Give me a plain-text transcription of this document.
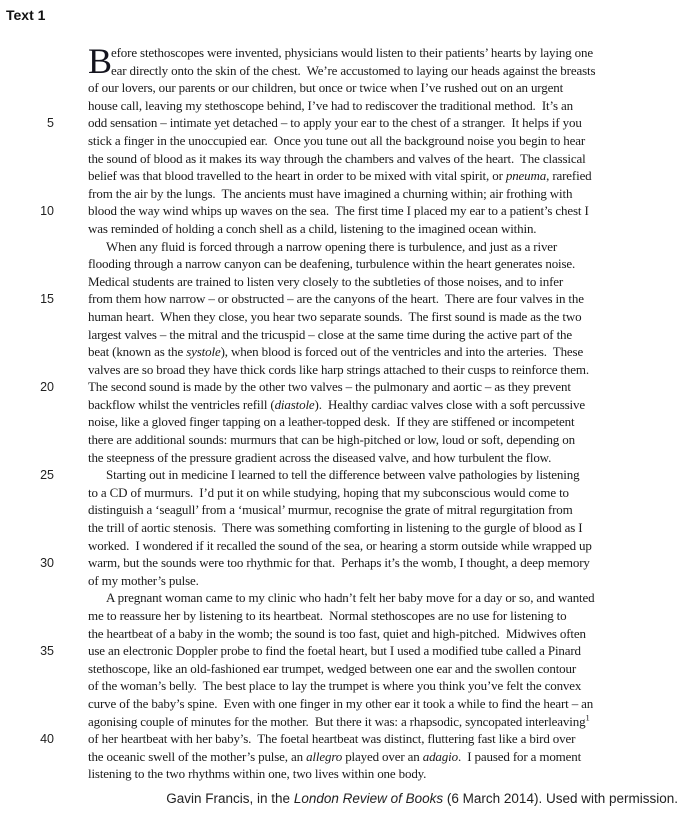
Text 1
B
efore stethoscopes were invented, physicians would listen to their patients’ hearts by laying one
ear directly onto the skin of the chest.  We’re accustomed to laying our heads against the breasts
of our lovers, our parents or our children, but once or twice when I’ve rushed out on an urgent
house call, leaving my stethoscope behind, I’ve had to rediscover the traditional method.  It’s an
5	odd sensation – intimate yet detached – to apply your ear to the chest of a stranger.  It helps if you
stick a finger in the unoccupied ear.  Once you tune out all the background noise you begin to hear
the sound of blood as it makes its way through the chambers and valves of the heart.  The classical
belief was that blood travelled to the heart in order to be mixed with vital spirit, or pneuma, rarefied
from the air by the lungs.  The ancients must have imagined a churning within; air frothing with
10	blood the way wind whips up waves on the sea.  The first time I placed my ear to a patient’s chest I
was reminded of holding a conch shell as a child, listening to the imagined ocean within.
When any fluid is forced through a narrow opening there is turbulence, and just as a river
flooding through a narrow canyon can be deafening, turbulence within the heart generates noise.
Medical students are trained to listen very closely to the subtleties of those noises, and to infer
15	from them how narrow – or obstructed – are the canyons of the heart.  There are four valves in the
human heart.  When they close, you hear two separate sounds.  The first sound is made as the two
largest valves – the mitral and the tricuspid – close at the same time during the active part of the
beat (known as the systole), when blood is forced out of the ventricles and into the arteries.  These
valves are so broad they have thick cords like harp strings attached to their cusps to reinforce them.
20	The second sound is made by the other two valves – the pulmonary and aortic – as they prevent
backflow whilst the ventricles refill (diastole).  Healthy cardiac valves close with a soft percussive
noise, like a gloved finger tapping on a leather-topped desk.  If they are stiffened or incompetent
there are additional sounds: murmurs that can be high-pitched or low, loud or soft, depending on
the steepness of the pressure gradient across the diseased valve, and how turbulent the flow.
25	Starting out in medicine I learned to tell the difference between valve pathologies by listening
to a CD of murmurs.  I’d put it on while studying, hoping that my subconscious would come to
distinguish a ‘seagull’ from a ‘musical’ murmur, recognise the grate of mitral regurgitation from
the trill of aortic stenosis.  There was something comforting in listening to the gurgle of blood as I
worked.  I wondered if it recalled the sound of the sea, or hearing a storm outside while wrapped up
30	warm, but the sounds were too rhythmic for that.  Perhaps it’s the womb, I thought, a deep memory
of my mother’s pulse.
A pregnant woman came to my clinic who hadn’t felt her baby move for a day or so, and wanted
me to reassure her by listening to its heartbeat.  Normal stethoscopes are no use for listening to
the heartbeat of a baby in the womb; the sound is too fast, quiet and high-pitched.  Midwives often
35	use an electronic Doppler probe to find the foetal heart, but I used a modified tube called a Pinard
stethoscope, like an old-fashioned ear trumpet, wedged between one ear and the swollen contour
of the woman’s belly.  The best place to lay the trumpet is where you think you’ve felt the convex
curve of the baby’s spine.  Even with one finger in my other ear it took a while to find the heart – an
agonising couple of minutes for the mother.  But there it was: a rhapsodic, syncopated interleaving$^1$
40	of her heartbeat with her baby’s.  The foetal heartbeat was distinct, fluttering fast like a bird over
the oceanic swell of the mother’s pulse, an allegro played over an adagio.  I paused for a moment
listening to the two rhythms within one, two lives within one body.
Gavin Francis, in the London Review of Books (6 March 2014). Used with permission.
